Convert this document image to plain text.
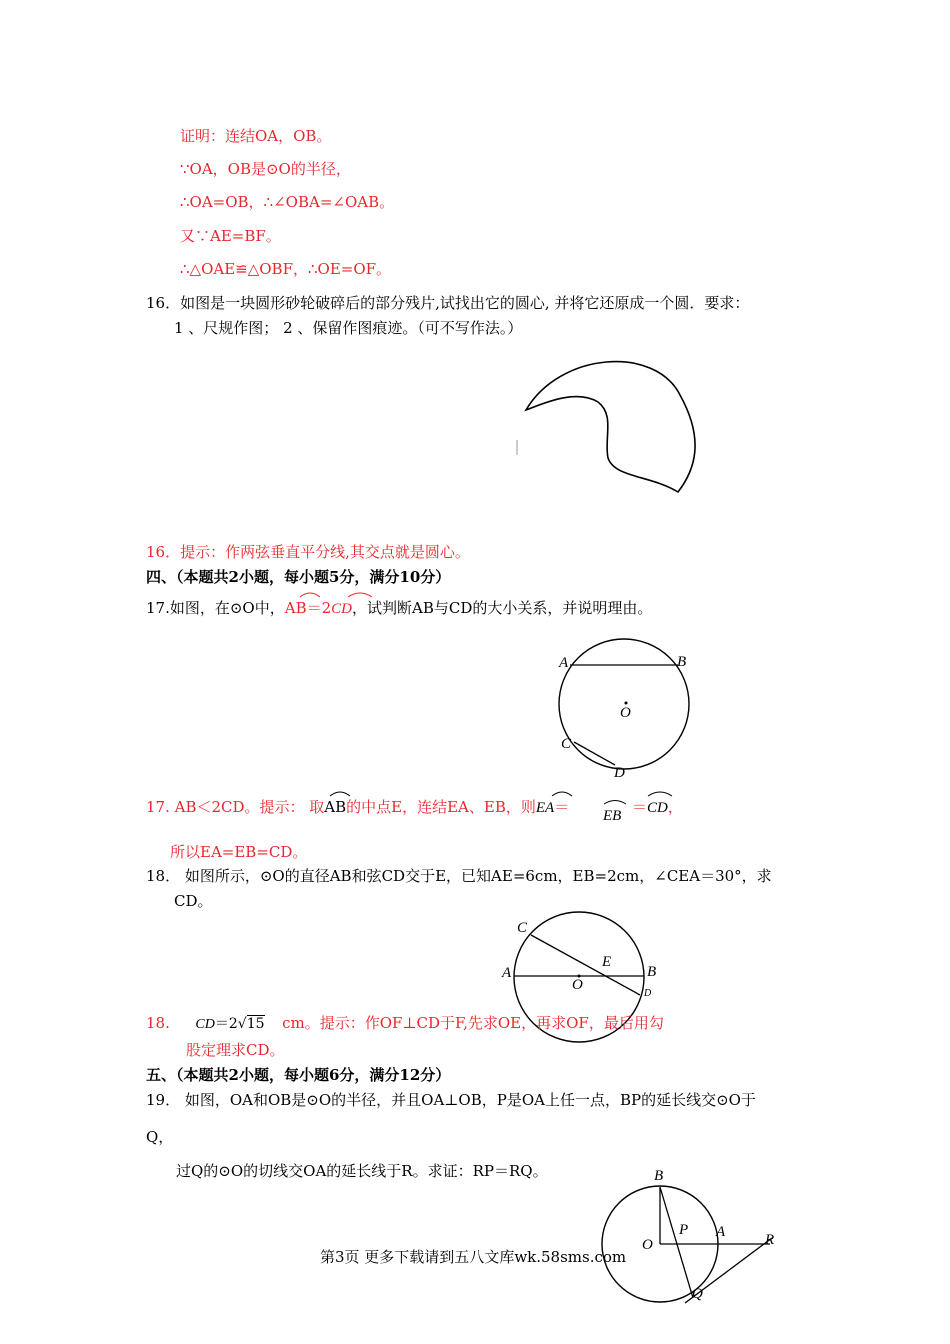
证明：连结OA，OB。
∵OA，OB是⊙O的半径，
∴OA=OB，∴∠OBA=∠OAB。
又∵AE=BF。
∴△OAE≌△OBF，∴OE=OF。
16．如图是一块圆形砂轮破碎后的部分残片,试找出它的圆心, 并将它还原成一个圆．要求：
1 、尺规作图； 2 、保留作图痕迹。（可不写作法。）
16．提示：作两弦垂直平分线,其交点就是圆心。
四、（本题共2小题，每小题5分，满分10分）
17.如图，在⊙O中，AB＝2CD，试判断AB与CD的大小关系，并说明理由。
A	B
O
C
D
17. AB＜2CD。提示： 取AB的中点E，连结EA、EB，则EA＝ EB ＝CD，
所以EA=EB=CD。
18． 如图所示，⊙O的直径AB和弦CD交于E，已知AE=6cm，EB=2cm，∠CEA＝30°，求
CD。
C
A
E
B
O
D
18. CD＝2√15 cm。提示：作OF⊥CD于F,先求OE，再求OF，最后用勾
股定理求CD。
五、（本题共2小题，每小题6分，满分12分）
19． 如图，OA和OB是⊙O的半径，并且OA⊥OB，P是OA上任一点，BP的延长线交⊙O于
Q，
过Q的⊙O的切线交OA的延长线于R。求证：RP＝RQ。	B
P A
O	R
Q
第3页 更多下载请到五八文库wk.58sms.com
